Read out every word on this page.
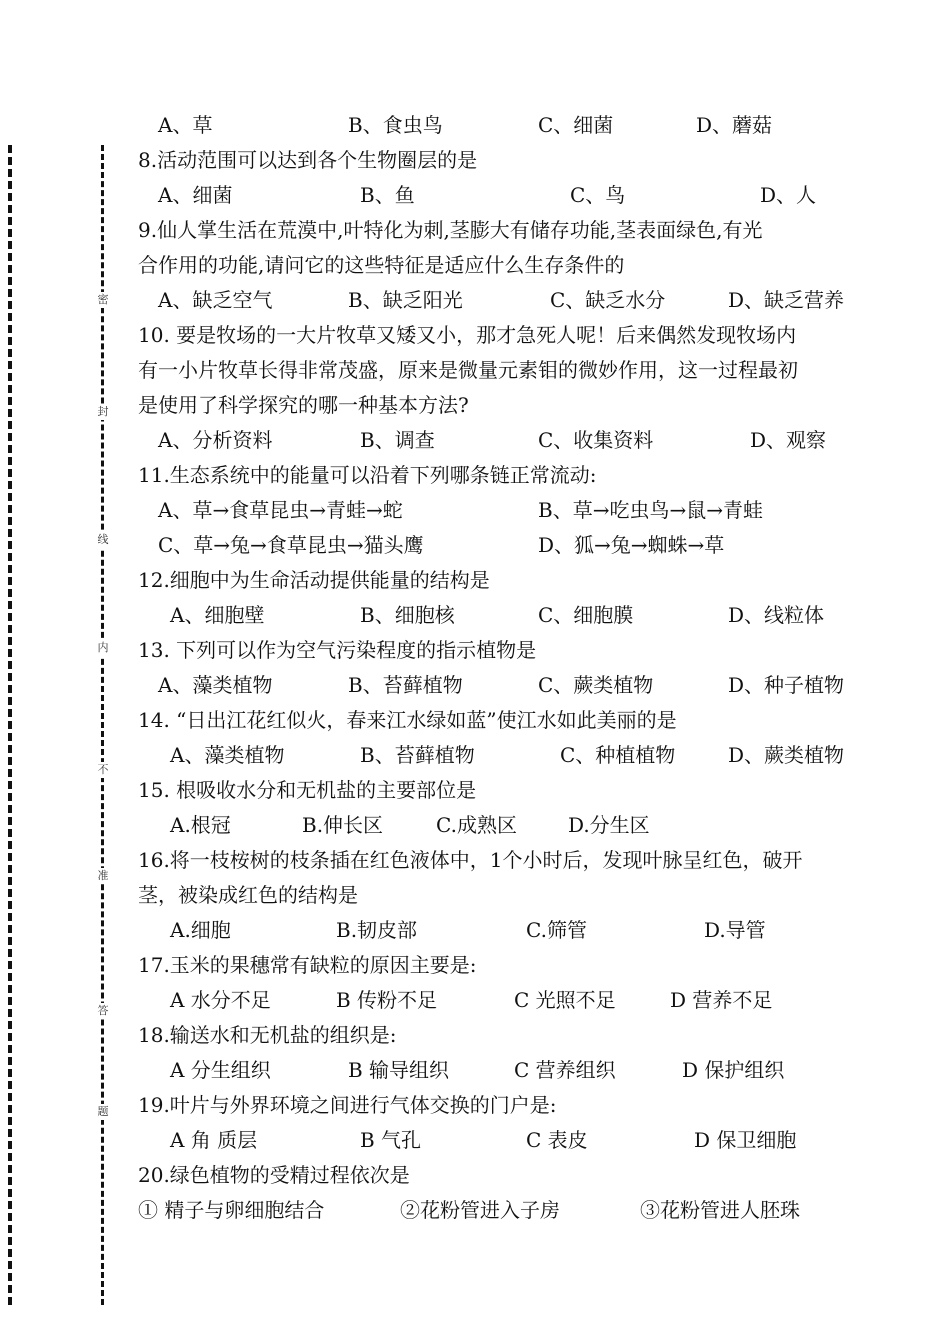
密
封
线
内
不
准
答
题
A、草	B、食虫鸟	C、细菌	D、蘑菇
8.活动范围可以达到各个生物圈层的是
A、细菌	B、鱼	C、鸟	D、人
9.仙人掌生活在荒漠中,叶特化为刺,茎膨大有储存功能,茎表面绿色,有光
合作用的功能,请问它的这些特征是适应什么生存条件的
A、缺乏空气	B、缺乏阳光	C、缺乏水分	D、缺乏营养
10. 要是牧场的一大片牧草又矮又小，那才急死人呢！后来偶然发现牧场内
有一小片牧草长得非常茂盛，原来是微量元素钼的微妙作用，这一过程最初
是使用了科学探究的哪一种基本方法?
A、分析资料	B、调查	C、收集资料	D、观察
11.生态系统中的能量可以沿着下列哪条链正常流动:
A、草→食草昆虫→青蛙→蛇	B、草→吃虫鸟→鼠→青蛙
C、草→兔→食草昆虫→猫头鹰	D、狐→兔→蜘蛛→草
12.细胞中为生命活动提供能量的结构是
A、细胞壁	B、细胞核	C、细胞膜	D、线粒体
13. 下列可以作为空气污染程度的指示植物是
A、藻类植物	B、苔藓植物	C、蕨类植物	D、种子植物
14. “日出江花红似火，春来江水绿如蓝”使江水如此美丽的是
A、藻类植物	B、苔藓植物	C、种植植物	D、蕨类植物
15. 根吸收水分和无机盐的主要部位是
A.根冠	B.伸长区	C.成熟区	D.分生区
16.将一枝桉树的枝条插在红色液体中，1个小时后，发现叶脉呈红色，破开
茎，被染成红色的结构是
A.细胞	B.韧皮部	C.筛管	D.导管
17.玉米的果穗常有缺粒的原因主要是:
A 水分不足	B 传粉不足	C 光照不足	D 营养不足
18.输送水和无机盐的组织是:
A 分生组织	B 输导组织	C 营养组织	D 保护组织
19.叶片与外界环境之间进行气体交换的门户是:
A 角 质层	B 气孔	C 表皮	D 保卫细胞
20.绿色植物的受精过程依次是
① 精子与卵细胞结合	②花粉管进入子房	③花粉管进人胚珠
